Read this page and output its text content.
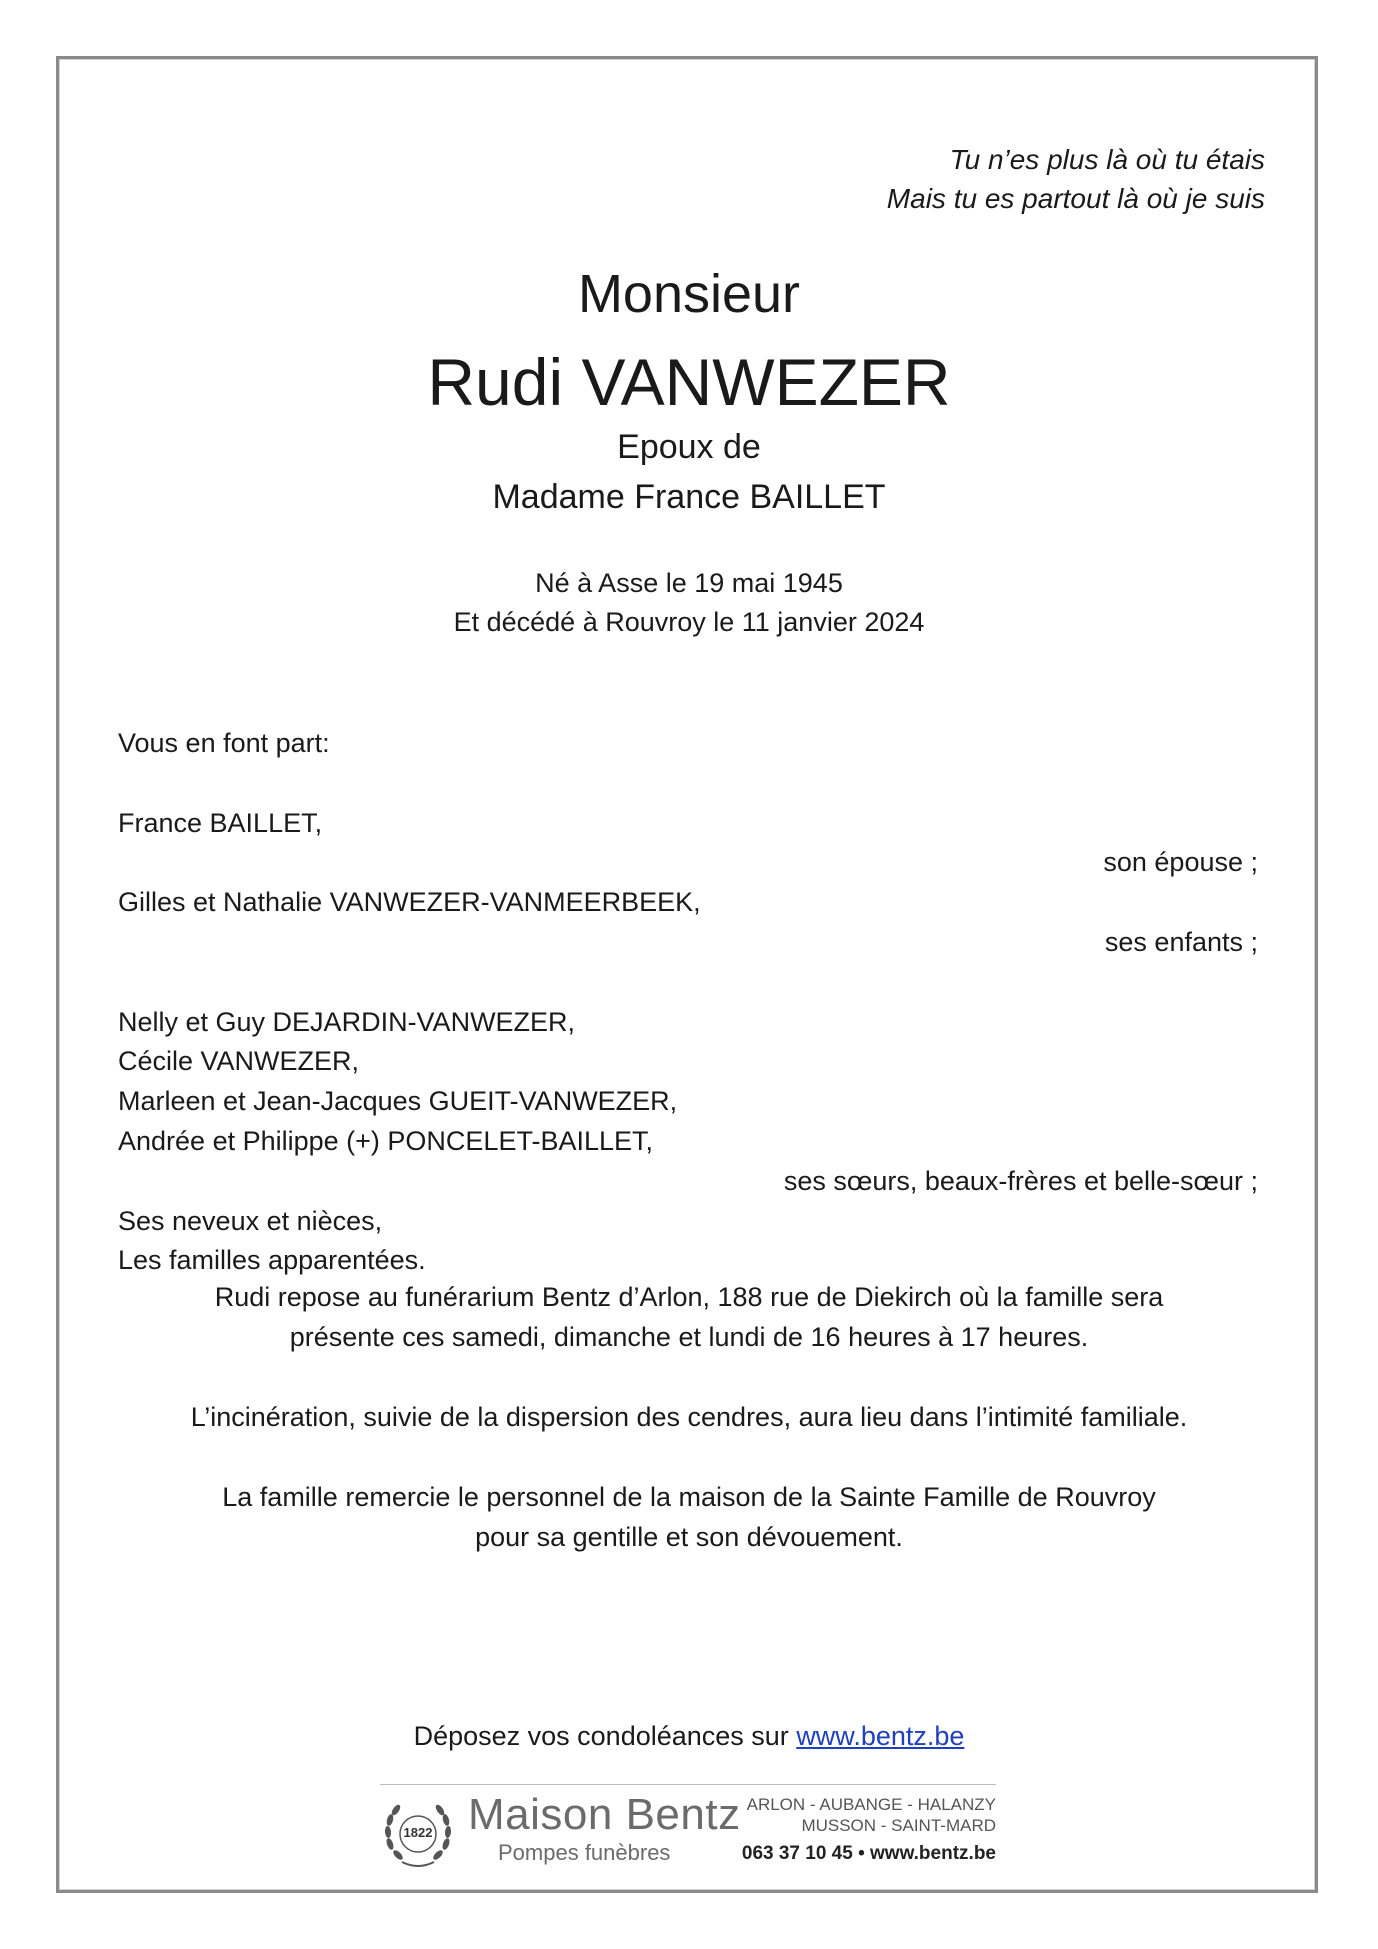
Tu n’es plus là où tu étais
Mais tu es partout là où je suis
Monsieur
Rudi VANWEZER
Epoux de
Madame France BAILLET
Né à Asse le 19 mai 1945
Et décédé à Rouvroy le 11 janvier 2024
Vous en font part:
France BAILLET,
son épouse ;
Gilles et Nathalie VANWEZER-VANMEERBEEK,
ses enfants ;
Nelly et Guy DEJARDIN-VANWEZER,
Cécile VANWEZER,
Marleen et Jean-Jacques GUEIT-VANWEZER,
Andrée et Philippe (+) PONCELET-BAILLET,
ses sœurs, beaux-frères et belle-sœur ;
Ses neveux et nièces,
Les familles apparentées.
Rudi repose au funérarium Bentz d’Arlon, 188 rue de Diekirch où la famille sera
présente ces samedi, dimanche et lundi de 16 heures à 17 heures.
L’incinération, suivie de la dispersion des cendres, aura lieu dans l’intimité familiale.
La famille remercie le personnel de la maison de la Sainte Famille de Rouvroy
pour sa gentille et son dévouement.
Déposez vos condoléances sur www.bentz.be
1822 Maison Bentz
Pompes funèbres
ARLON - AUBANGE - HALANZY
MUSSON - SAINT-MARD
063 37 10 45 • www.bentz.be
